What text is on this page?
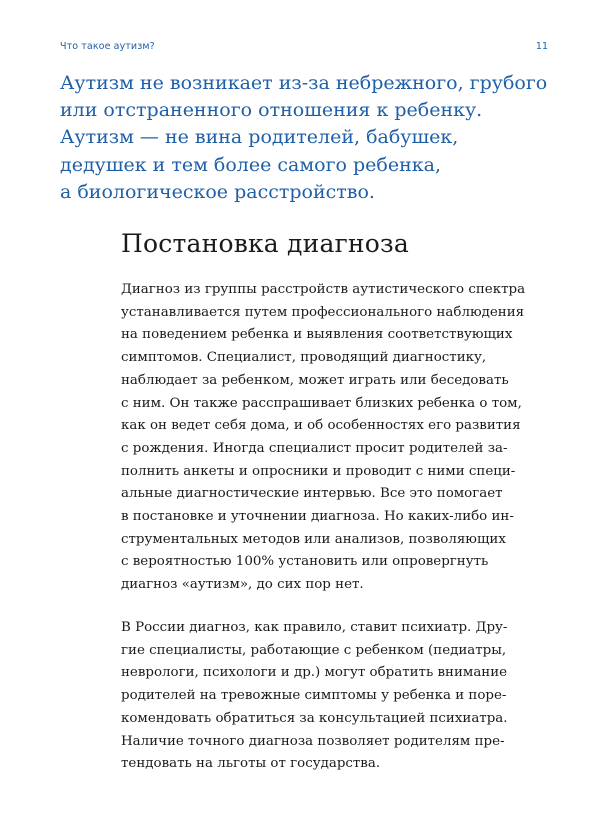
Что такое аутизм?	11

Аутизм не возникает из-за небрежного, грубого
или отстраненного отношения к ребенку.
Аутизм — не вина родителей, бабушек,
дедушек и тем более самого ребенка,
а биологическое расстройство.

Постановка диагноза
Диагноз из группы расстройств аутистического спектра
устанавливается путем профессионального наблюдения
на поведением ребенка и выявления соответствующих
симптомов. Специалист, проводящий диагностику,
наблюдает за ребенком, может играть или беседовать
с ним. Он также расспрашивает близких ребенка о том,
как он ведет себя дома, и об особенностях его развития
с рождения. Иногда специалист просит родителей за-
полнить анкеты и опросники и проводит с ними специ-
альные диагностические интервью. Все это помогает
в постановке и уточнении диагноза. Но каких-либо ин-
струментальных методов или анализов, позволяющих
с вероятностью 100% установить или опровергнуть
диагноз «аутизм», до сих пор нет.
В России диагноз, как правило, ставит психиатр. Дру-
гие специалисты, работающие с ребенком (педиатры,
неврологи, психологи и др.) могут обратить внимание
родителей на тревожные симптомы у ребенка и поре-
комендовать обратиться за консультацией психиатра.
Наличие точного диагноза позволяет родителям пре-
тендовать на льготы от государства.
